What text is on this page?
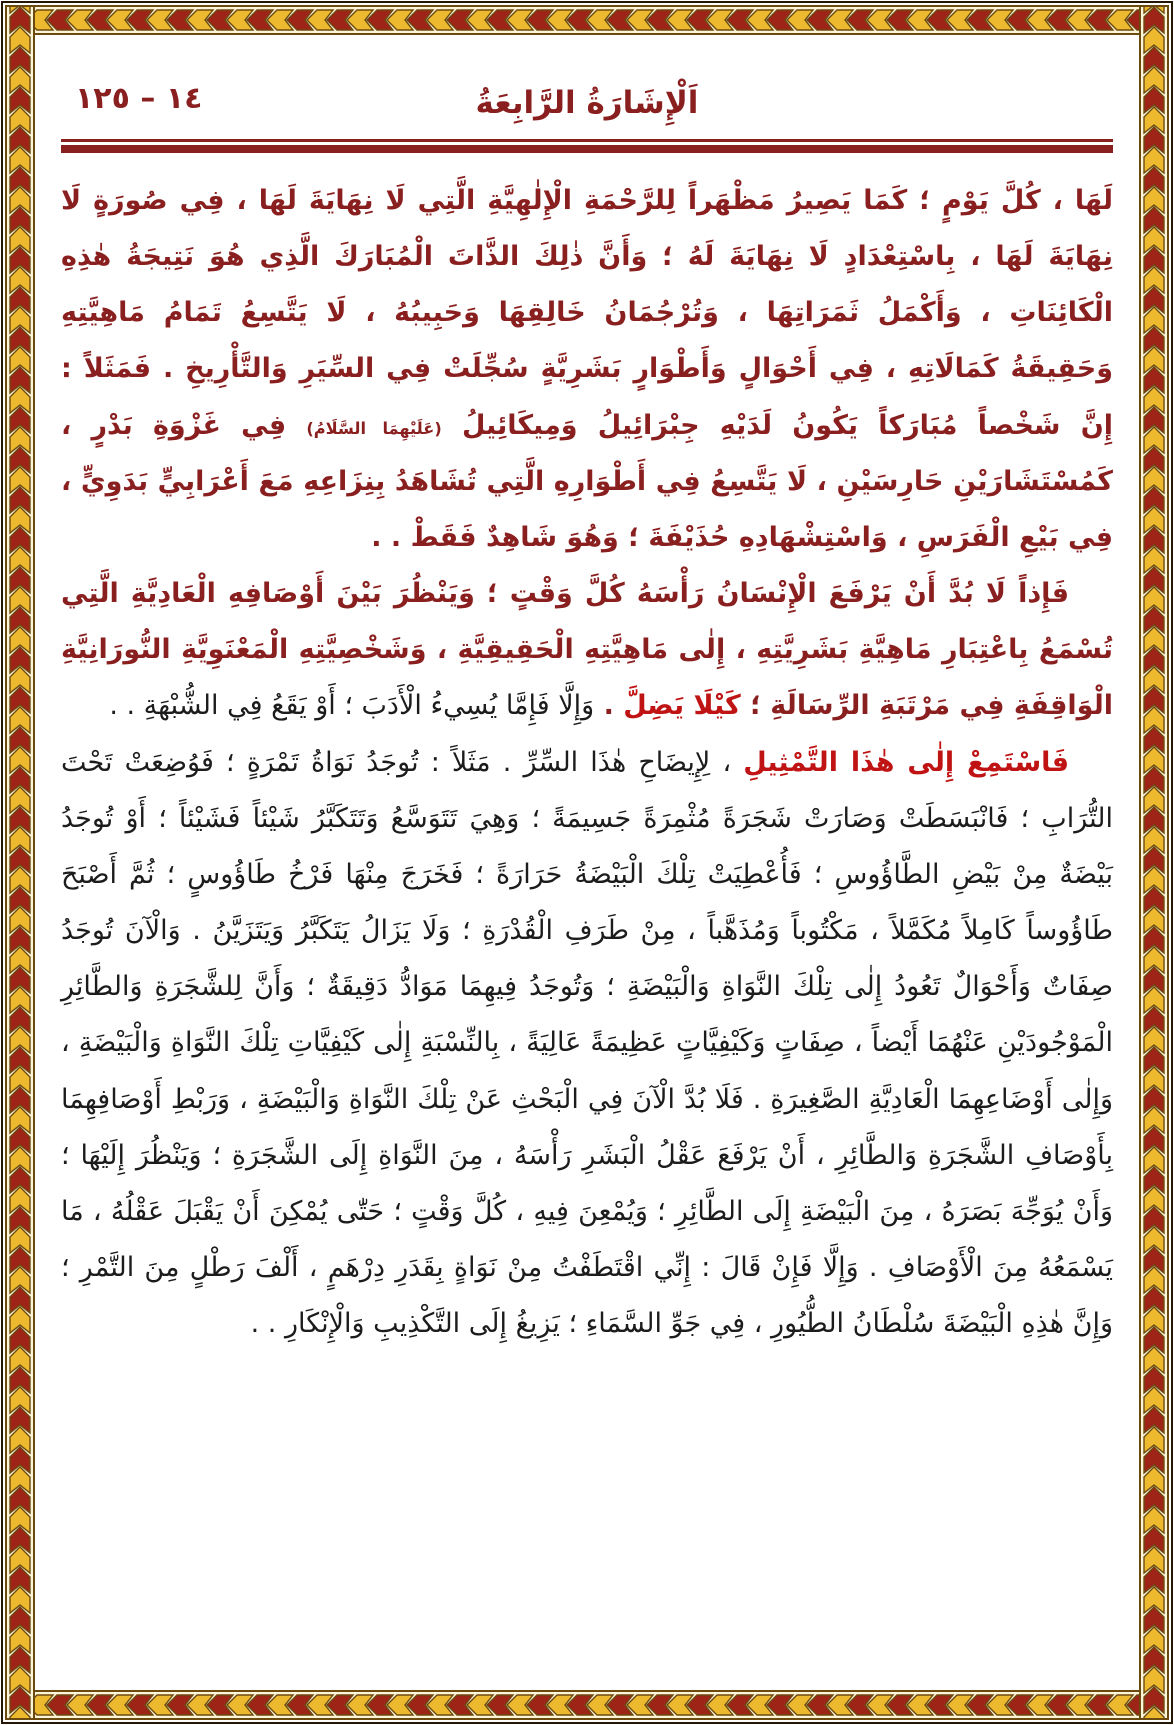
١٤ – ١٢٥	اَلْإِشَارَةُ الرَّابِعَةُ

لَهَا ، كُلَّ يَوْمٍ ؛ كَمَا يَصِيرُ مَظْهَراً لِلرَّحْمَةِ الْإِلٰهِيَّةِ الَّتِي لَا نِهَايَةَ لَهَا ، فِي صُورَةٍ لَا نِهَايَةَ لَهَا ، بِاسْتِعْدَادٍ لَا نِهَايَةَ لَهُ ؛ وَأَنَّ ذٰلِكَ الذَّاتَ الْمُبَارَكَ الَّذِي هُوَ نَتِيجَةُ هٰذِهِ الْكَائِنَاتِ ، وَأَكْمَلُ ثَمَرَاتِهَا ، وَتُرْجُمَانُ خَالِقِهَا وَحَبِيبُهُ ، لَا يَتَّسِعُ تَمَامُ مَاهِيَّتِهِ وَحَقِيقَةُ كَمَالَاتِهِ ، فِي أَحْوَالٍ وَأَطْوَارٍ بَشَرِيَّةٍ سُجِّلَتْ فِي السِّيَرِ وَالتَّأْرِيخِ . فَمَثَلاً : إِنَّ شَخْصاً مُبَارَكاً يَكُونُ لَدَيْهِ جِبْرَائِيلُ وَمِيكَائِيلُ (عَلَيْهِمَا السَّلَامُ) فِي غَزْوَةِ بَدْرٍ ، كَمُسْتَشَارَيْنِ حَارِسَيْنِ ، لَا يَتَّسِعُ فِي أَطْوَارِهِ الَّتِي تُشَاهَدُ بِنِزَاعِهِ مَعَ أَعْرَابِيٍّ بَدَوِيٍّ ، فِي بَيْعِ الْفَرَسِ ، وَاسْتِشْهَادِهِ حُذَيْفَةَ ؛ وَهُوَ شَاهِدٌ فَقَطْ . .

فَإِذاً لَا بُدَّ أَنْ يَرْفَعَ الْإِنْسَانُ رَأْسَهُ كُلَّ وَقْتٍ ؛ وَيَنْظُرَ بَيْنَ أَوْصَافِهِ الْعَادِيَّةِ الَّتِي تُسْمَعُ بِاعْتِبَارِ مَاهِيَّةِ بَشَرِيَّتِهِ ، إِلٰى مَاهِيَّتِهِ الْحَقِيقِيَّةِ ، وَشَخْصِيَّتِهِ الْمَعْنَوِيَّةِ النُّورَانِيَّةِ الْوَاقِفَةِ فِي مَرْتَبَةِ الرِّسَالَةِ ؛ كَيْلَا يَضِلَّ . وَإِلَّا فَإِمَّا يُسِيءُ الْأَدَبَ ؛ أَوْ يَقَعُ فِي الشُّبْهَةِ . .

فَاسْتَمِعْ إِلٰى هٰذَا التَّمْثِيلِ ، لِإِيضَاحِ هٰذَا السِّرِّ . مَثَلاً : تُوجَدُ نَوَاةُ تَمْرَةٍ ؛ فَوُضِعَتْ تَحْتَ التُّرَابِ ؛ فَانْبَسَطَتْ وَصَارَتْ شَجَرَةً مُثْمِرَةً جَسِيمَةً ؛ وَهِيَ تَتَوَسَّعُ وَتَتَكَبَّرُ شَيْئاً فَشَيْئاً ؛ أَوْ تُوجَدُ بَيْضَةٌ مِنْ بَيْضِ الطَّاؤُوسِ ؛ فَأُعْطِيَتْ تِلْكَ الْبَيْضَةُ حَرَارَةً ؛ فَخَرَجَ مِنْهَا فَرْخُ طَاؤُوسٍ ؛ ثُمَّ أَصْبَحَ طَاؤُوساً كَامِلاً مُكَمَّلاً ، مَكْتُوباً وَمُذَهَّباً ، مِنْ طَرَفِ الْقُدْرَةِ ؛ وَلَا يَزَالُ يَتَكَبَّرُ وَيَتَزَيَّنُ . وَالْآنَ تُوجَدُ صِفَاتٌ وَأَحْوَالٌ تَعُودُ إِلٰى تِلْكَ النَّوَاةِ وَالْبَيْضَةِ ؛ وَتُوجَدُ فِيهِمَا مَوَادُّ دَقِيقَةٌ ؛ وَأَنَّ لِلشَّجَرَةِ وَالطَّائِرِ الْمَوْجُودَيْنِ عَنْهُمَا أَيْضاً ، صِفَاتٍ وَكَيْفِيَّاتٍ عَظِيمَةً عَالِيَةً ، بِالنِّسْبَةِ إِلٰى كَيْفِيَّاتِ تِلْكَ النَّوَاةِ وَالْبَيْضَةِ ، وَإِلٰى أَوْضَاعِهِمَا الْعَادِيَّةِ الصَّغِيرَةِ . فَلَا بُدَّ الْآنَ فِي الْبَحْثِ عَنْ تِلْكَ النَّوَاةِ وَالْبَيْضَةِ ، وَرَبْطِ أَوْصَافِهِمَا بِأَوْصَافِ الشَّجَرَةِ وَالطَّائِرِ ، أَنْ يَرْفَعَ عَقْلُ الْبَشَرِ رَأْسَهُ ، مِنَ النَّوَاةِ إِلَى الشَّجَرَةِ ؛ وَيَنْظُرَ إِلَيْهَا ؛ وَأَنْ يُوَجِّهَ بَصَرَهُ ، مِنَ الْبَيْضَةِ إِلَى الطَّائِرِ ؛ وَيُمْعِنَ فِيهِ ، كُلَّ وَقْتٍ ؛ حَتّٰى يُمْكِنَ أَنْ يَقْبَلَ عَقْلُهُ ، مَا يَسْمَعُهُ مِنَ الْأَوْصَافِ . وَإِلَّا فَإِنْ قَالَ : إِنِّي اقْتَطَفْتُ مِنْ نَوَاةٍ بِقَدَرِ دِرْهَمٍ ، أَلْفَ رَطْلٍ مِنَ التَّمْرِ ؛ وَإِنَّ هٰذِهِ الْبَيْضَةَ سُلْطَانُ الطُّيُورِ ، فِي جَوِّ السَّمَاءِ ؛ يَزِيغُ إِلَى التَّكْذِيبِ وَالْإِنْكَارِ . .
